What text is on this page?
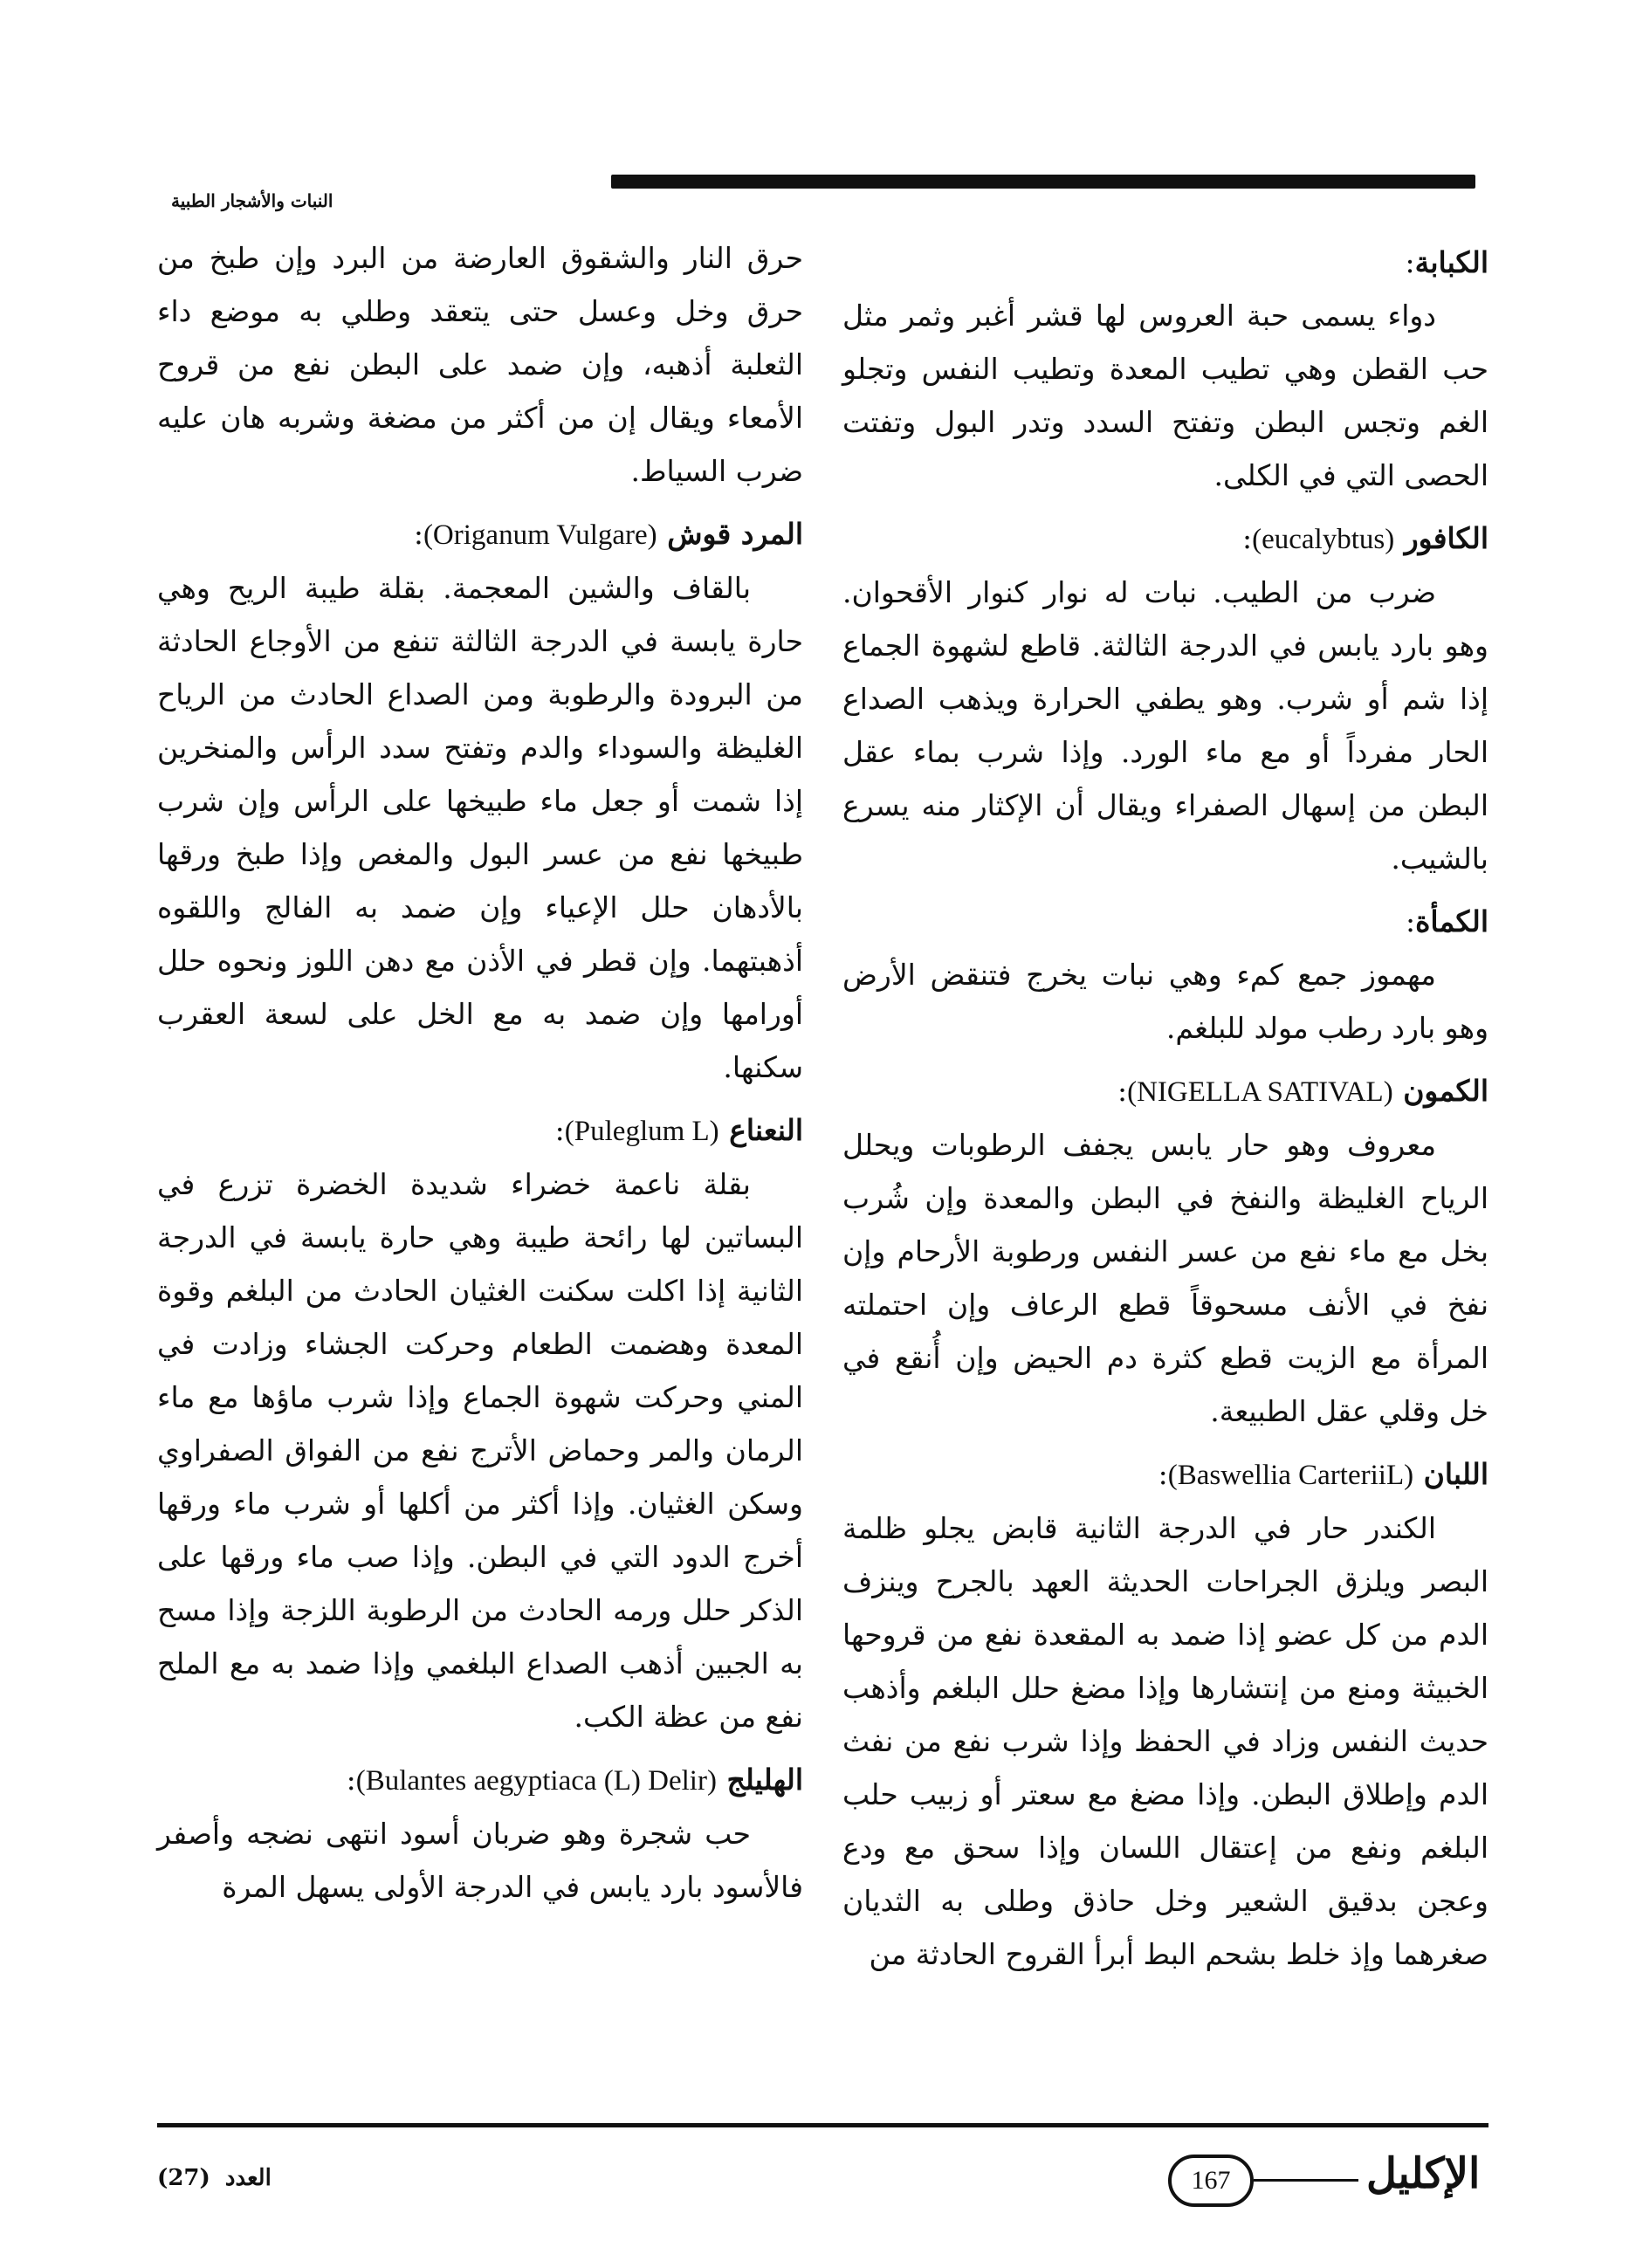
النبات والأشجار الطبية
الكبابة:

دواء يسمى حبة العروس لها قشر أغبر وثمر مثل حب القطن وهي تطيب المعدة وتطيب النفس وتجلو الغم وتجس البطن وتفتح السدد وتدر البول وتفتت الحصى التي في الكلى.

الكافور (eucalybtus):

ضرب من الطيب. نبات له نوار كنوار الأقحوان. وهو بارد يابس في الدرجة الثالثة. قاطع لشهوة الجماع إذا شم أو شرب. وهو يطفي الحرارة ويذهب الصداع الحار مفرداً أو مع ماء الورد. وإذا شرب بماء عقل البطن من إسهال الصفراء ويقال أن الإكثار منه يسرع بالشيب.

الكمأة:

مهموز جمع كمء وهي نبات يخرج فتنقض الأرض وهو بارد رطب مولد للبلغم.

الكمون (NIGELLA SATIVAL):

معروف وهو حار يابس يجفف الرطوبات ويحلل الرياح الغليظة والنفخ في البطن والمعدة وإن شُرب بخل مع ماء نفع من عسر النفس ورطوبة الأرحام وإن نفخ في الأنف مسحوقاً قطع الرعاف وإن احتملته المرأة مع الزيت قطع كثرة دم الحيض وإن أُنقع في خل وقلي عقل الطبيعة.

اللبان (Baswellia CarteriiL):

الكندر حار في الدرجة الثانية قابض يجلو ظلمة البصر ويلزق الجراحات الحديثة العهد بالجرح وينزف الدم من كل عضو إذا ضمد به المقعدة نفع من قروحها الخبيثة ومنع من إنتشارها وإذا مضغ حلل البلغم وأذهب حديث النفس وزاد في الحفظ وإذا شرب نفع من نفث الدم وإطلاق البطن. وإذا مضغ مع سعتر أو زبيب حلب البلغم ونفع من إعتقال اللسان وإذا سحق مع ودع وعجن بدقيق الشعير وخل حاذق وطلى به الثديان صغرهما وإذ خلط بشحم البط أبرأ القروح الحادثة من

حرق النار والشقوق العارضة من البرد وإن طبخ من حرق وخل وعسل حتى يتعقد وطلي به موضع داء الثعلبة أذهبه، وإن ضمد على البطن نفع من قروح الأمعاء ويقال إن من أكثر من مضغة وشربه هان عليه ضرب السياط.

المرد قوش (Origanum Vulgare):

بالقاف والشين المعجمة. بقلة طيبة الريح وهي حارة يابسة في الدرجة الثالثة تنفع من الأوجاع الحادثة من البرودة والرطوبة ومن الصداع الحادث من الرياح الغليظة والسوداء والدم وتفتح سدد الرأس والمنخرين إذا شمت أو جعل ماء طبيخها على الرأس وإن شرب طبيخها نفع من عسر البول والمغص وإذا طبخ ورقها بالأدهان حلل الإعياء وإن ضمد به الفالج واللقوه أذهبتهما. وإن قطر في الأذن مع دهن اللوز ونحوه حلل أورامها وإن ضمد به مع الخل على لسعة العقرب سكنها.

النعناع (Puleglum L):

بقلة ناعمة خضراء شديدة الخضرة تزرع في البساتين لها رائحة طيبة وهي حارة يابسة في الدرجة الثانية إذا اكلت سكنت الغثيان الحادث من البلغم وقوة المعدة وهضمت الطعام وحركت الجشاء وزادت في المني وحركت شهوة الجماع وإذا شرب ماؤها مع ماء الرمان والمر وحماض الأترج نفع من الفواق الصفراوي وسكن الغثيان. وإذا أكثر من أكلها أو شرب ماء ورقها أخرج الدود التي في البطن. وإذا صب ماء ورقها على الذكر حلل ورمه الحادث من الرطوبة اللزجة وإذا مسح به الجبين أذهب الصداع البلغمي وإذا ضمد به مع الملح نفع من عظة الكب.

الهليلج (Bulantes aegyptiaca (L) Delir):

حب شجرة وهو ضربان أسود انتهى نضجه وأصفر فالأسود بارد يابس في الدرجة الأولى يسهل المرة

العدد (27)	167	الإكليل
